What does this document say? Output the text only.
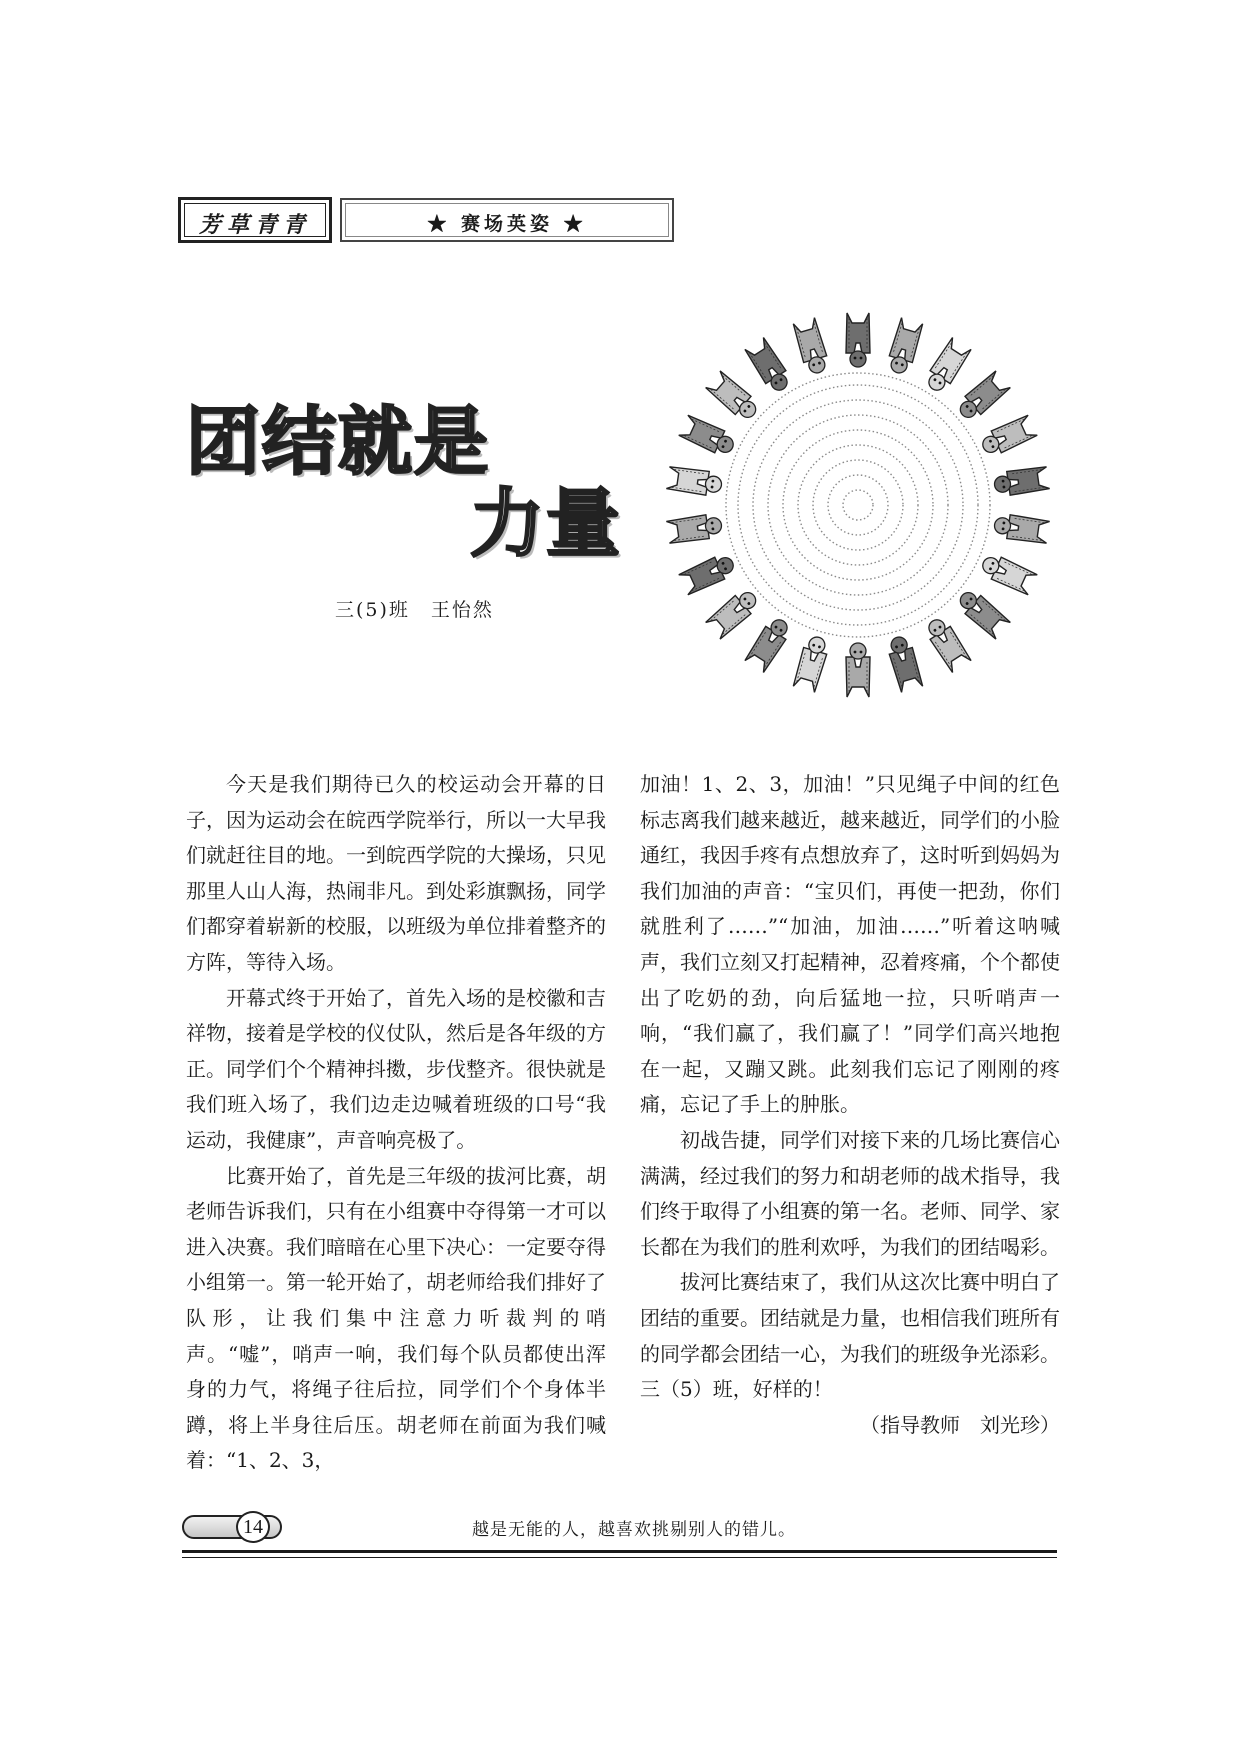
芳草青青	★ 赛场英姿 ★
团结就是
力量
三(5)班　王怡然

今天是我们期待已久的校运动会开幕的日子，因为运动会在皖西学院举行，所以一大早我们就赶往目的地。一到皖西学院的大操场，只见那里人山人海，热闹非凡。到处彩旗飘扬，同学们都穿着崭新的校服，以班级为单位排着整齐的方阵，等待入场。

开幕式终于开始了，首先入场的是校徽和吉祥物，接着是学校的仪仗队，然后是各年级的方正。同学们个个精神抖擞，步伐整齐。很快就是我们班入场了，我们边走边喊着班级的口号“我运动，我健康”，声音响亮极了。

比赛开始了，首先是三年级的拔河比赛，胡老师告诉我们，只有在小组赛中夺得第一才可以进入决赛。我们暗暗在心里下决心：一定要夺得小组第一。第一轮开始了，胡老师给我们排好了队形，让我们集中注意力听裁判的哨声。“嘘”，哨声一响，我们每个队员都使出浑身的力气，将绳子往后拉，同学们个个身体半蹲，将上半身往后压。胡老师在前面为我们喊着：“1、2、3，

加油！1、2、3，加油！”只见绳子中间的红色标志离我们越来越近，越来越近，同学们的小脸通红，我因手疼有点想放弃了，这时听到妈妈为我们加油的声音：“宝贝们，再使一把劲，你们就胜利了……”“加油，加油……”听着这呐喊声，我们立刻又打起精神，忍着疼痛，个个都使出了吃奶的劲，向后猛地一拉，只听哨声一响，“我们赢了，我们赢了！”同学们高兴地抱在一起，又蹦又跳。此刻我们忘记了刚刚的疼痛，忘记了手上的肿胀。

初战告捷，同学们对接下来的几场比赛信心满满，经过我们的努力和胡老师的战术指导，我们终于取得了小组赛的第一名。老师、同学、家长都在为我们的胜利欢呼，为我们的团结喝彩。

拔河比赛结束了，我们从这次比赛中明白了团结的重要。团结就是力量，也相信我们班所有的同学都会团结一心，为我们的班级争光添彩。三（5）班，好样的！

（指导教师　刘光珍）

14	越是无能的人，越喜欢挑剔别人的错儿。
